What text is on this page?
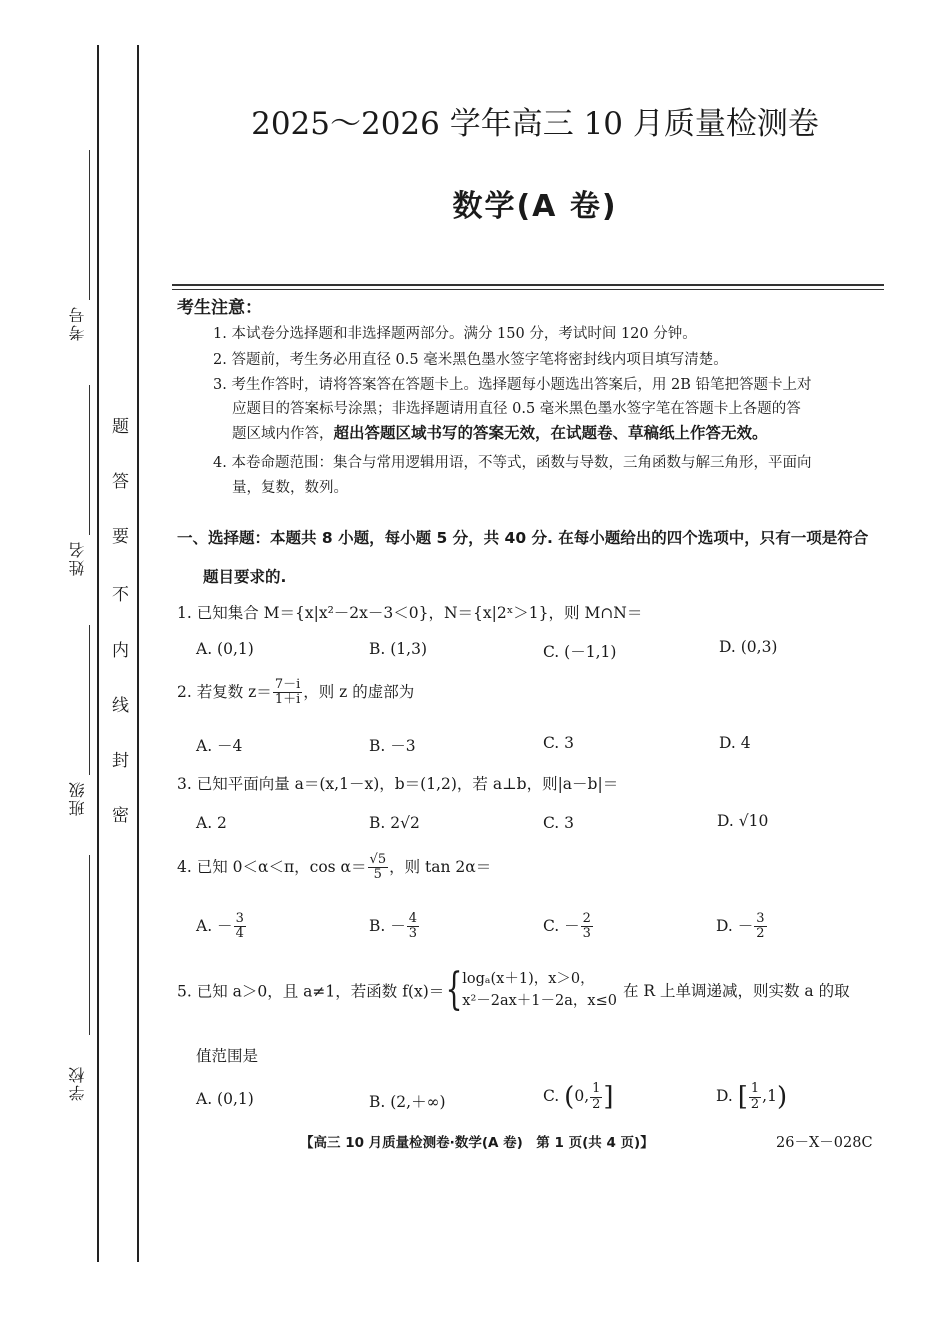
考号
姓名
班级
学校
题
答
要
不
内
线
封
密
2025～2026 学年高三 10 月质量检测卷
数学(A 卷)
考生注意：
1. 本试卷分选择题和非选择题两部分。满分 150 分，考试时间 120 分钟。
2. 答题前，考生务必用直径 0.5 毫米黑色墨水签字笔将密封线内项目填写清楚。
3. 考生作答时，请将答案答在答题卡上。选择题每小题选出答案后，用 2B 铅笔把答题卡上对
应题目的答案标号涂黑；非选择题请用直径 0.5 毫米黑色墨水签字笔在答题卡上各题的答
题区域内作答，超出答题区域书写的答案无效，在试题卷、草稿纸上作答无效。
4. 本卷命题范围：集合与常用逻辑用语，不等式，函数与导数，三角函数与解三角形，平面向
量，复数，数列。
一、选择题：本题共 8 小题，每小题 5 分，共 40 分. 在每小题给出的四个选项中，只有一项是符合
题目要求的.
1. 已知集合 M＝{x|x²－2x－3＜0}，N＝{x|2ˣ＞1}，则 M∩N＝
A. (0,1)	B. (1,3)	C. (－1,1)	D. (0,3)
2. 若复数 $z= \frac{7-i}{1+i}$ ，则 z 的虚部为
A. －4	B. －3	C. 3	D. 4
3. 已知平面向量 a＝(x,1－x)，b＝(1,2)，若 a⊥b，则|a－b|＝
A. 2	B. 2√2	C. 3	D. √10
4. 已知 0＜α＜π，$\cos \alpha= \frac{√5}{5}$ ，则 tan 2α＝
A. － $\frac{3}{4}$	B. － $\frac{4}{3}$	C. － $\frac{2}{3}$	D. － $\frac{3}{2}$
5. 已知 a＞0，且 a≠1，若函数 f(x)＝{ logₐ(x＋1)，x＞0，
x²－2ax＋1－2a，x≤0
在 R 上单调递减，则实数 a 的取
值范围是
A. (0,1)	B. (2,＋∞)	C. (0, $\frac{1}{2}$ ]	D. [ $\frac{1}{2} ,1$)
【高三 10 月质量检测卷·数学(A 卷)　第 1 页(共 4 页)】	26－X－028C
